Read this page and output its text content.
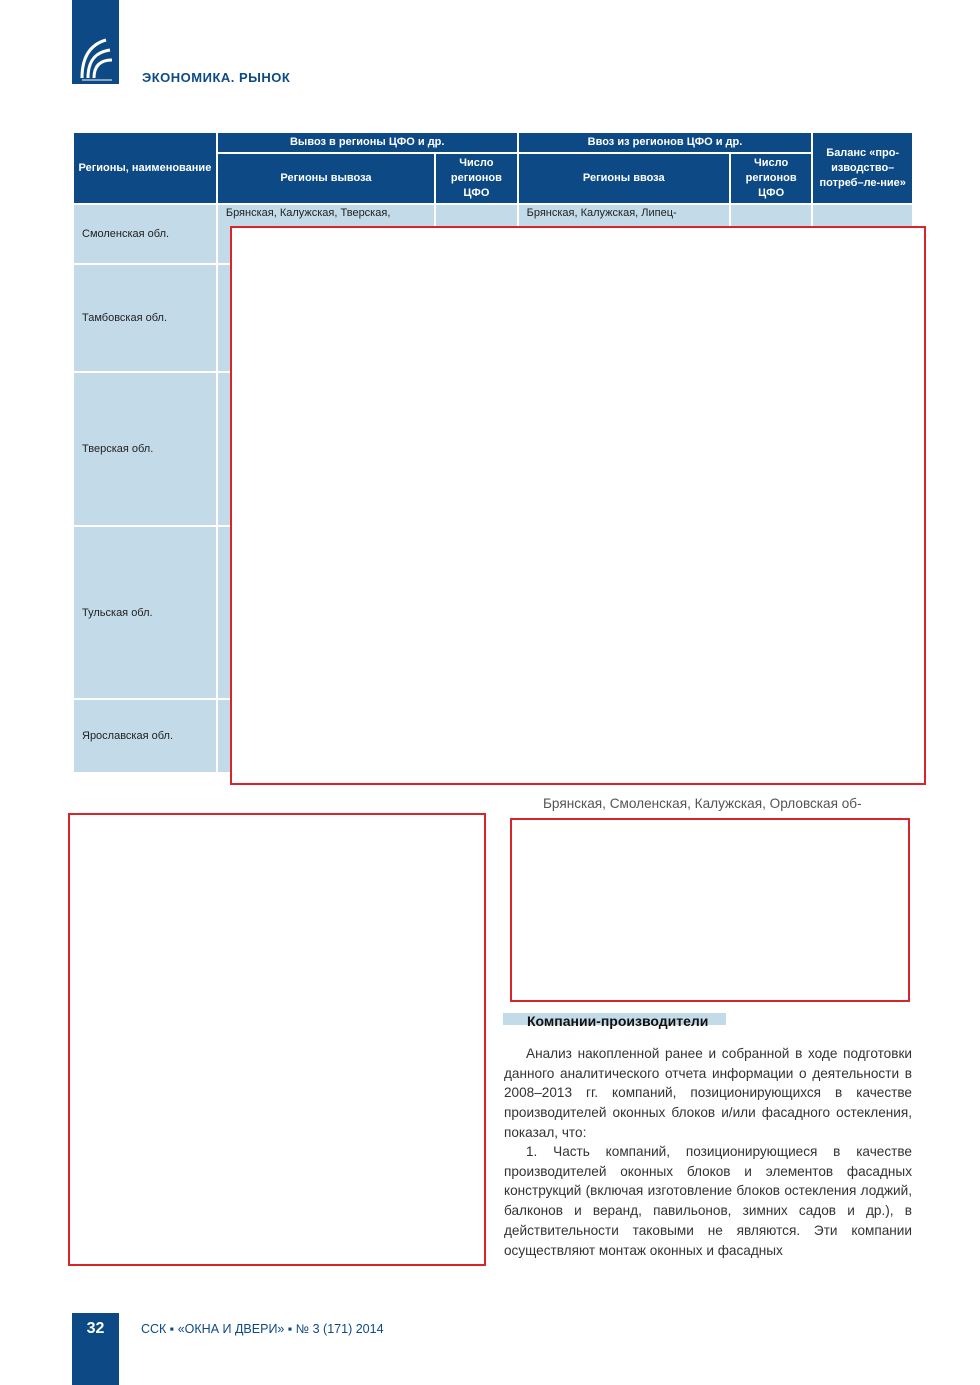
ЭКОНОМИКА. РЫНОК
Регионы, наименование	Вывоз в регионы ЦФО и др.		Ввоз из регионов ЦФО и др.		Баланс «про-изводство–потреб–ле-ние»
	Регионы вывоза	Число регионов ЦФО	Регионы ввоза	Число регионов ЦФО	
Смоленская обл.	Брянская, Калужская, Тверская,		Брянская, Калужская, Липец-		
Тамбовская обл.					
Тверская обл.					
Тульская обл.					
Ярославская обл.					
Брянская, Смоленская, Калужская, Орловская об-
Компании-производители
Анализ накопленной ранее и собранной в ходе подготовки данного аналитического отчета информации о деятельности в 2008–2013 гг. компаний, позиционирующихся в качестве производителей оконных блоков и/или фасадного остекления, показал, что:
1. Часть компаний, позиционирующиеся в качестве производителей оконных блоков и элементов фасадных конструкций (включая изготовление блоков остекления лоджий, балконов и веранд, павильонов, зимних садов и др.), в действительности таковыми не являются. Эти компании осуществляют монтаж оконных и фасадных
32	ССК ▪ «ОКНА И ДВЕРИ» ▪ № 3 (171) 2014
